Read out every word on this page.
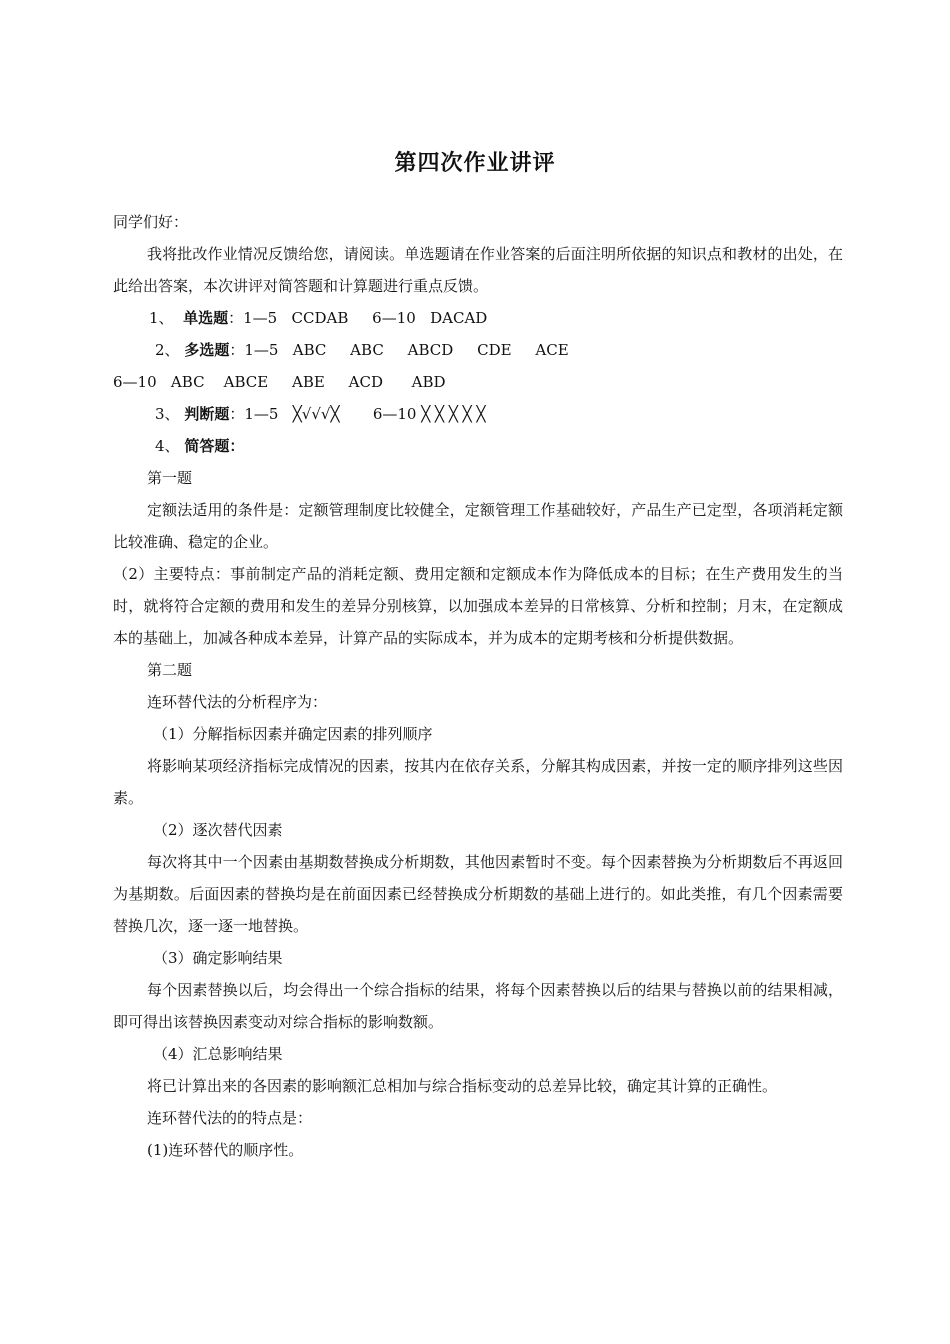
第四次作业讲评

同学们好：

我将批改作业情况反馈给您，请阅读。单选题请在作业答案的后面注明所依据的知识点和教材的出处，在此给出答案，本次讲评对简答题和计算题进行重点反馈。

1、 单选题：1—5   CCDAB     6—10   DACAD

2、 多选题：1—5   ABC     ABC     ABCD     CDE     ACE

6—10   ABC    ABCE     ABE     ACD      ABD

3、 判断题：1—5   ╳√√√╳       6—10 ╳ ╳ ╳ ╳ ╳

4、 简答题：

第一题

定额法适用的条件是：定额管理制度比较健全，定额管理工作基础较好，产品生产已定型，各项消耗定额比较准确、稳定的企业。

（2）主要特点：事前制定产品的消耗定额、费用定额和定额成本作为降低成本的目标；在生产费用发生的当时，就将符合定额的费用和发生的差异分别核算，以加强成本差异的日常核算、分析和控制；月末，在定额成本的基础上，加减各种成本差异，计算产品的实际成本，并为成本的定期考核和分析提供数据。

第二题

连环替代法的分析程序为：

（1）分解指标因素并确定因素的排列顺序

将影响某项经济指标完成情况的因素，按其内在依存关系，分解其构成因素，并按一定的顺序排列这些因素。

（2）逐次替代因素

每次将其中一个因素由基期数替换成分析期数，其他因素暂时不变。每个因素替换为分析期数后不再返回为基期数。后面因素的替换均是在前面因素已经替换成分析期数的基础上进行的。如此类推，有几个因素需要替换几次，逐一逐一地替换。

（3）确定影响结果

每个因素替换以后，均会得出一个综合指标的结果，将每个因素替换以后的结果与替换以前的结果相减，即可得出该替换因素变动对综合指标的影响数额。

（4）汇总影响结果

将已计算出来的各因素的影响额汇总相加与综合指标变动的总差异比较，确定其计算的正确性。

连环替代法的的特点是：

(1)连环替代的顺序性。
